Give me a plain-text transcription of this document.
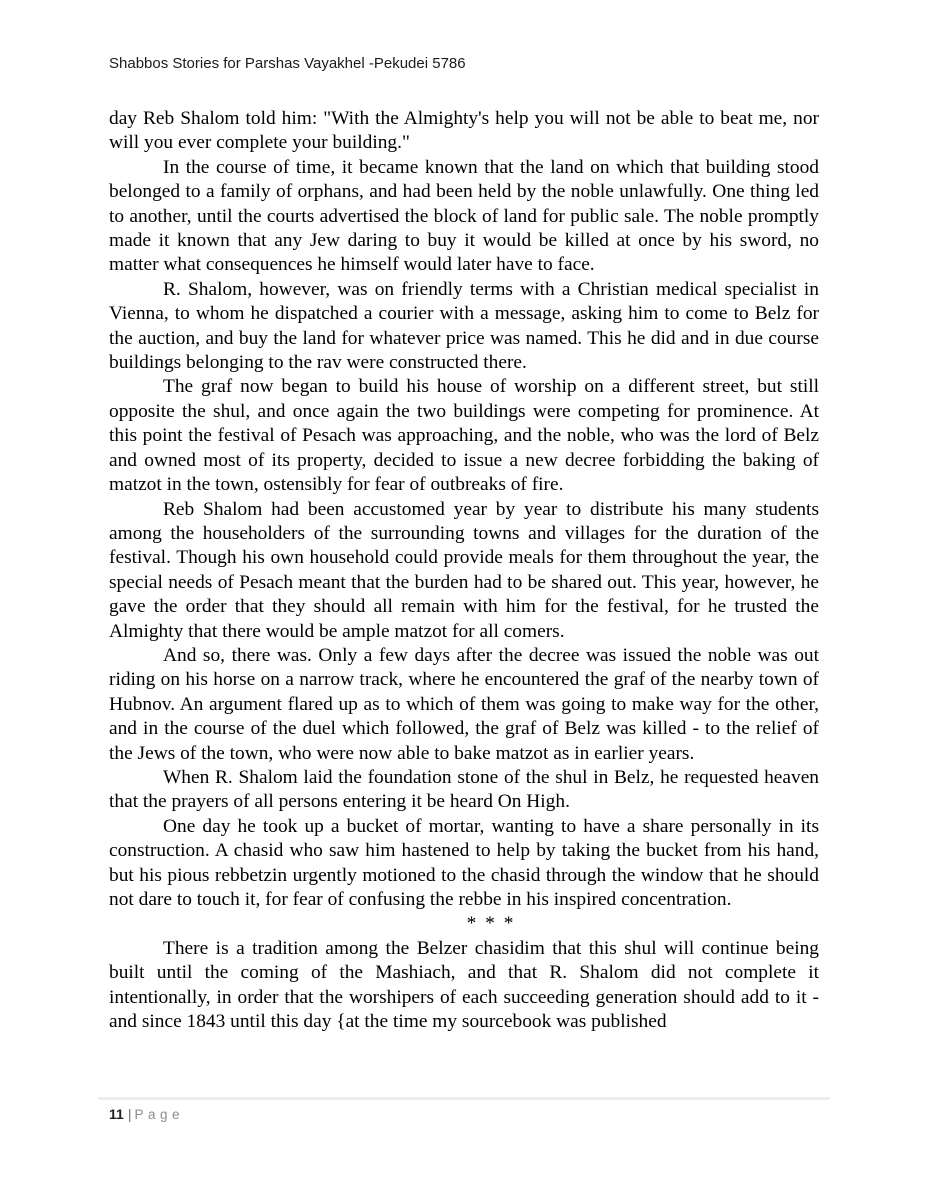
Shabbos Stories for Parshas Vayakhel -Pekudei 5786

day Reb Shalom told him: "With the Almighty's help you will not be able to beat me, nor will you ever complete your building."

In the course of time, it became known that the land on which that building stood belonged to a family of orphans, and had been held by the noble unlawfully. One thing led to another, until the courts advertised the block of land for public sale. The noble promptly made it known that any Jew daring to buy it would be killed at once by his sword, no matter what consequences he himself would later have to face.

R. Shalom, however, was on friendly terms with a Christian medical specialist in Vienna, to whom he dispatched a courier with a message, asking him to come to Belz for the auction, and buy the land for whatever price was named. This he did and in due course buildings belonging to the rav were constructed there.

The graf now began to build his house of worship on a different street, but still opposite the shul, and once again the two buildings were competing for prominence. At this point the festival of Pesach was approaching, and the noble, who was the lord of Belz and owned most of its property, decided to issue a new decree forbidding the baking of matzot in the town, ostensibly for fear of outbreaks of fire.

Reb Shalom had been accustomed year by year to distribute his many students among the householders of the surrounding towns and villages for the duration of the festival. Though his own household could provide meals for them throughout the year, the special needs of Pesach meant that the burden had to be shared out. This year, however, he gave the order that they should all remain with him for the festival, for he trusted the Almighty that there would be ample matzot for all comers.

And so, there was. Only a few days after the decree was issued the noble was out riding on his horse on a narrow track, where he encountered the graf of the nearby town of Hubnov. An argument flared up as to which of them was going to make way for the other, and in the course of the duel which followed, the graf of Belz was killed - to the relief of the Jews of the town, who were now able to bake matzot as in earlier years.

When R. Shalom laid the foundation stone of the shul in Belz, he requested heaven that the prayers of all persons entering it be heard On High.

One day he took up a bucket of mortar, wanting to have a share personally in its construction. A chasid who saw him hastened to help by taking the bucket from his hand, but his pious rebbetzin urgently motioned to the chasid through the window that he should not dare to touch it, for fear of confusing the rebbe in his inspired concentration.

* * *

There is a tradition among the Belzer chasidim that this shul will continue being built until the coming of the Mashiach, and that R. Shalom did not complete it intentionally, in order that the worshipers of each succeeding generation should add to it - and since 1843 until this day {at the time my sourcebook was published

11 | Page
